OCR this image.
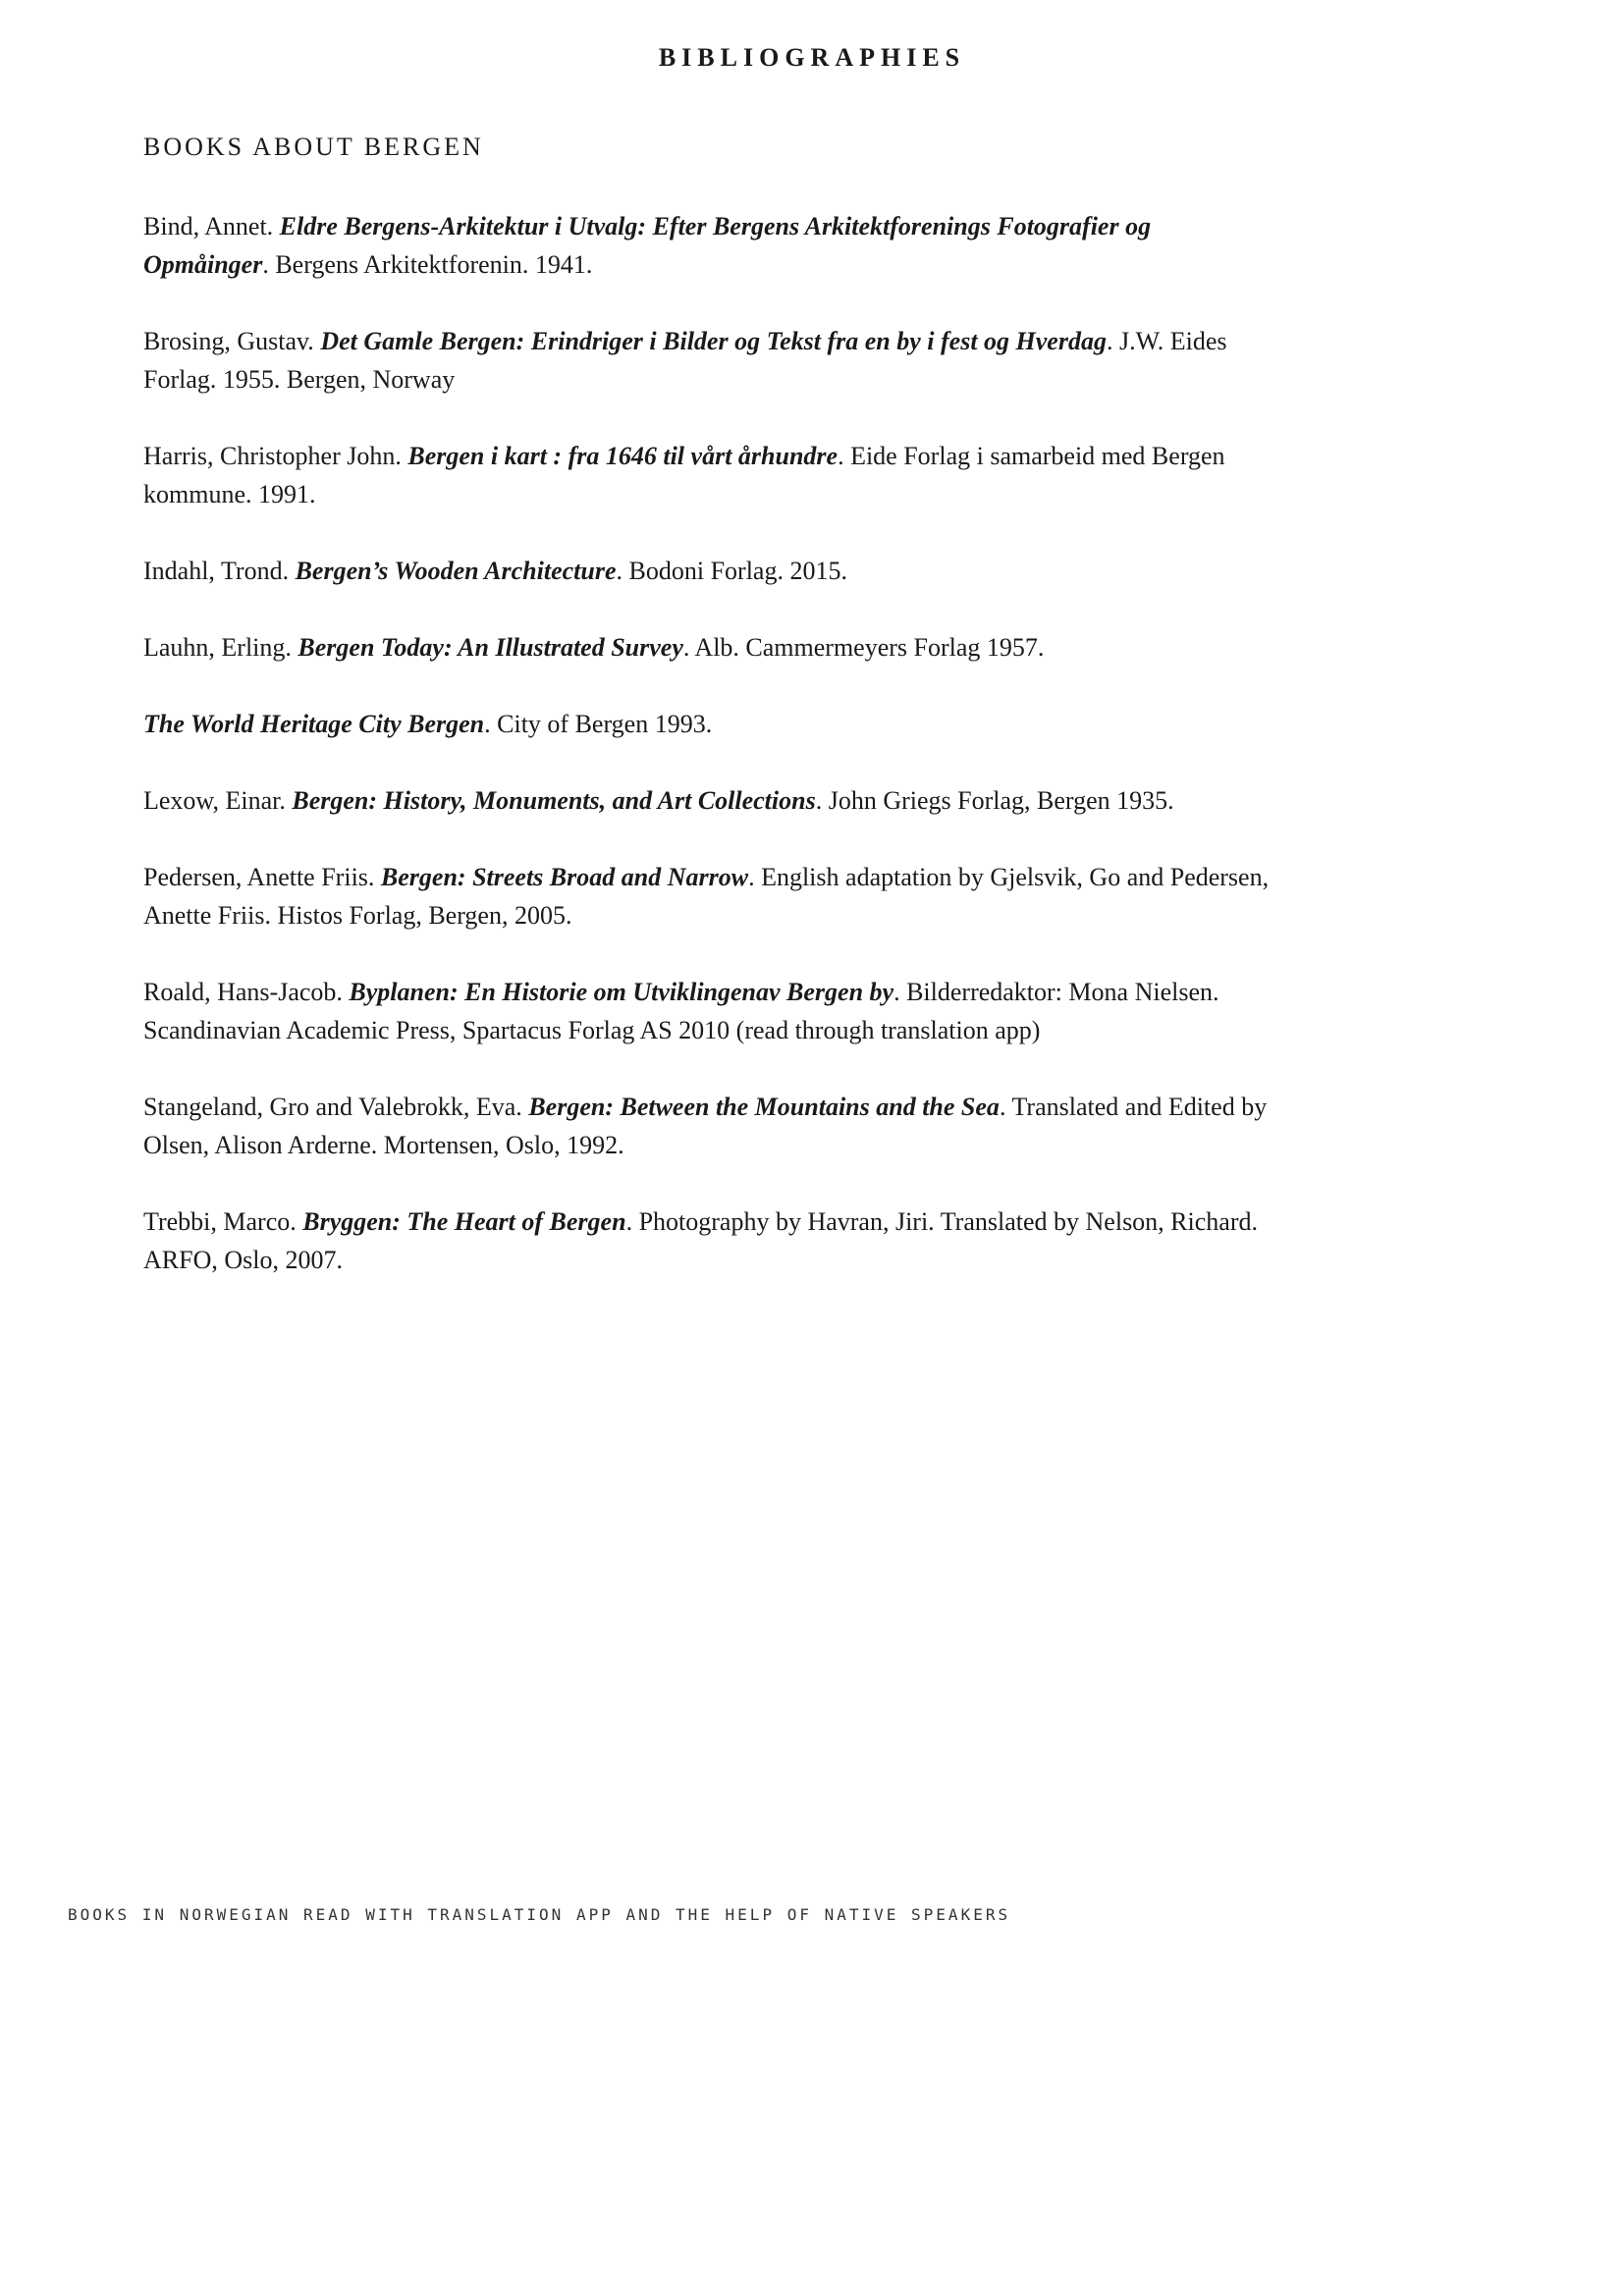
BIBLIOGRAPHIES
BOOKS ABOUT BERGEN
Bind, Annet. Eldre Bergens-Arkitektur i Utvalg: Efter Bergens Arkitektforenings Fotografier og Opmåinger. Bergens Arkitektforenin. 1941.
Brosing, Gustav. Det Gamle Bergen: Erindriger i Bilder og Tekst fra en by i fest og Hverdag. J.W. Eides Forlag. 1955. Bergen, Norway
Harris, Christopher John. Bergen i kart : fra 1646 til vårt århundre. Eide Forlag i samarbeid med Bergen kommune. 1991.
Indahl, Trond. Bergen’s Wooden Architecture. Bodoni Forlag. 2015.
Lauhn, Erling. Bergen Today: An Illustrated Survey. Alb. Cammermeyers Forlag 1957.
The World Heritage City Bergen. City of Bergen 1993.
Lexow, Einar. Bergen: History, Monuments, and Art Collections. John Griegs Forlag, Bergen 1935.
Pedersen, Anette Friis. Bergen: Streets Broad and Narrow. English adaptation by Gjelsvik, Go and Pedersen, Anette Friis. Histos Forlag, Bergen, 2005.
Roald, Hans-Jacob. Byplanen: En Historie om Utviklingenav Bergen by. Bilderredaktor: Mona Nielsen. Scandinavian Academic Press, Spartacus Forlag AS 2010 (read through translation app)
Stangeland, Gro and Valebrokk, Eva. Bergen: Between the Mountains and the Sea. Translated and Edited by Olsen, Alison Arderne. Mortensen, Oslo, 1992.
Trebbi, Marco. Bryggen: The Heart of Bergen. Photography by Havran, Jiri. Translated by Nelson, Richard. ARFO, Oslo, 2007.
BOOKS IN NORWEGIAN READ WITH TRANSLATION APP AND THE HELP OF NATIVE SPEAKERS
